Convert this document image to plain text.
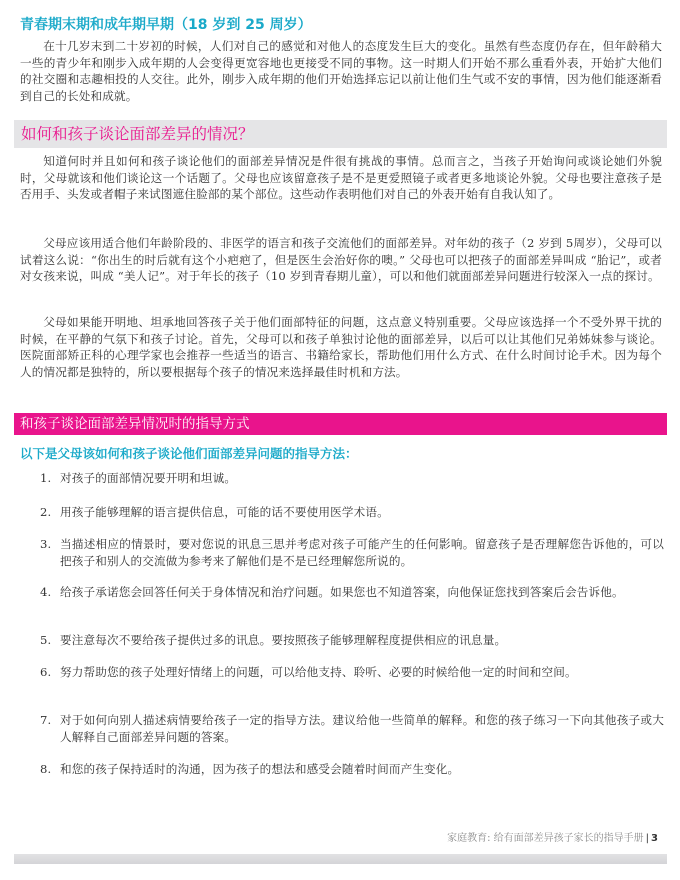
青春期末期和成年期早期（18 岁到 25 周岁）

在十几岁末到二十岁初的时候，人们对自己的感觉和对他人的态度发生巨大的变化。虽然有些态度仍存在，但年龄稍大一些的青少年和刚步入成年期的人会变得更宽容地也更接受不同的事物。这一时期人们开始不那么重看外表，开始扩大他们的社交圈和志趣相投的人交往。此外，刚步入成年期的他们开始选择忘记以前让他们生气或不安的事情，因为他们能逐渐看到自己的长处和成就。

如何和孩子谈论面部差异的情况？

知道何时并且如何和孩子谈论他们的面部差异情况是件很有挑战的事情。总而言之，当孩子开始询问或谈论她们外貌时，父母就该和他们谈论这一个话题了。父母也应该留意孩子是不是更爱照镜子或者更多地谈论外貌。父母也要注意孩子是否用手、头发或者帽子来试图遮住脸部的某个部位。这些动作表明他们对自己的外表开始有自我认知了。

父母应该用适合他们年龄阶段的、非医学的语言和孩子交流他们的面部差异。对年幼的孩子（2 岁到 5周岁），父母可以试着这么说：“你出生的时后就有这个小疤疤了，但是医生会治好你的噢。” 父母也可以把孩子的面部差异叫成 “胎记”，或者对女孩来说，叫成 “美人记”。对于年长的孩子（10 岁到青春期儿童），可以和他们就面部差异问题进行较深入一点的探讨。

父母如果能开明地、坦承地回答孩子关于他们面部特征的问题，这点意义特别重要。父母应该选择一个不受外界干扰的时候，在平静的气氛下和孩子讨论。首先，父母可以和孩子单独讨论他的面部差异，以后可以让其他们兄弟姊妹参与谈论。医院面部矫正科的心理学家也会推荐一些适当的语言、书籍给家长，帮助他们用什么方式、在什么时间讨论手术。因为每个人的情况都是独特的，所以要根据每个孩子的情况来选择最佳时机和方法。

和孩子谈论面部差异情况时的指导方式

以下是父母该如何和孩子谈论他们面部差异问题的指导方法：

1. 对孩子的面部情况要开明和坦诚。
2. 用孩子能够理解的语言提供信息，可能的话不要使用医学术语。
3. 当描述相应的情景时，要对您说的讯息三思并考虑对孩子可能产生的任何影响。留意孩子是否理解您告诉他的，可以把孩子和别人的交流做为参考来了解他们是不是已经理解您所说的。
4. 给孩子承诺您会回答任何关于身体情况和治疗问题。如果您也不知道答案，向他保证您找到答案后会告诉他。
5. 要注意每次不要给孩子提供过多的讯息。要按照孩子能够理解程度提供相应的讯息量。
6. 努力帮助您的孩子处理好情绪上的问题，可以给他支持、聆听、必要的时候给他一定的时间和空间。
7. 对于如何向别人描述病情要给孩子一定的指导方法。建议给他一些简单的解释。和您的孩子练习一下向其他孩子或大人解释自己面部差异问题的答案。
8. 和您的孩子保持适时的沟通，因为孩子的想法和感受会随着时间而产生变化。
家庭教育: 给有面部差异孩子家长的指导手册 | 3
